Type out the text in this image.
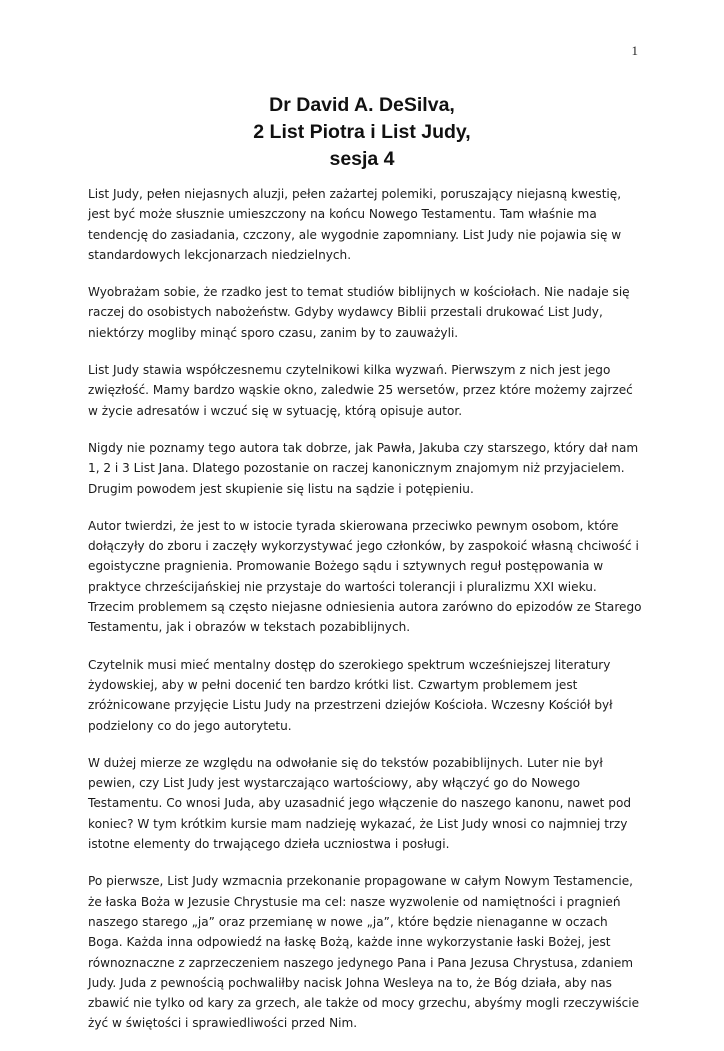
1
Dr David A. DeSilva,
2 List Piotra i List Judy,
sesja 4

List Judy, pełen niejasnych aluzji, pełen zażartej polemiki, poruszający niejasną kwestię, jest być może słusznie umieszczony na końcu Nowego Testamentu. Tam właśnie ma tendencję do zasiadania, czczony, ale wygodnie zapomniany. List Judy nie pojawia się w standardowych lekcjonarzach niedzielnych.

Wyobrażam sobie, że rzadko jest to temat studiów biblijnych w kościołach. Nie nadaje się raczej do osobistych nabożeństw. Gdyby wydawcy Biblii przestali drukować List Judy, niektórzy mogliby minąć sporo czasu, zanim by to zauważyli.

List Judy stawia współczesnemu czytelnikowi kilka wyzwań. Pierwszym z nich jest jego zwięzłość. Mamy bardzo wąskie okno, zaledwie 25 wersetów, przez które możemy zajrzeć w życie adresatów i wczuć się w sytuację, którą opisuje autor.

Nigdy nie poznamy tego autora tak dobrze, jak Pawła, Jakuba czy starszego, który dał nam 1, 2 i 3 List Jana. Dlatego pozostanie on raczej kanonicznym znajomym niż przyjacielem. Drugim powodem jest skupienie się listu na sądzie i potępieniu.

Autor twierdzi, że jest to w istocie tyrada skierowana przeciwko pewnym osobom, które dołączyły do zboru i zaczęły wykorzystywać jego członków, by zaspokoić własną chciwość i egoistyczne pragnienia. Promowanie Bożego sądu i sztywnych reguł postępowania w praktyce chrześcijańskiej nie przystaje do wartości tolerancji i pluralizmu XXI wieku. Trzecim problemem są często niejasne odniesienia autora zarówno do epizodów ze Starego Testamentu, jak i obrazów w tekstach pozabiblijnych.

Czytelnik musi mieć mentalny dostęp do szerokiego spektrum wcześniejszej literatury żydowskiej, aby w pełni docenić ten bardzo krótki list. Czwartym problemem jest zróżnicowane przyjęcie Listu Judy na przestrzeni dziejów Kościoła. Wczesny Kościół był podzielony co do jego autorytetu.

W dużej mierze ze względu na odwołanie się do tekstów pozabiblijnych. Luter nie był pewien, czy List Judy jest wystarczająco wartościowy, aby włączyć go do Nowego Testamentu. Co wnosi Juda, aby uzasadnić jego włączenie do naszego kanonu, nawet pod koniec? W tym krótkim kursie mam nadzieję wykazać, że List Judy wnosi co najmniej trzy istotne elementy do trwającego dzieła uczniostwa i posługi.

Po pierwsze, List Judy wzmacnia przekonanie propagowane w całym Nowym Testamencie, że łaska Boża w Jezusie Chrystusie ma cel: nasze wyzwolenie od namiętności i pragnień naszego starego „ja” oraz przemianę w nowe „ja”, które będzie nienaganne w oczach Boga. Każda inna odpowiedź na łaskę Bożą, każde inne wykorzystanie łaski Bożej, jest równoznaczne z zaprzeczeniem naszego jedynego Pana i Pana Jezusa Chrystusa, zdaniem Judy. Juda z pewnością pochwaliłby nacisk Johna Wesleya na to, że Bóg działa, aby nas zbawić nie tylko od kary za grzech, ale także od mocy grzechu, abyśmy mogli rzeczywiście żyć w świętości i sprawiedliwości przed Nim.
